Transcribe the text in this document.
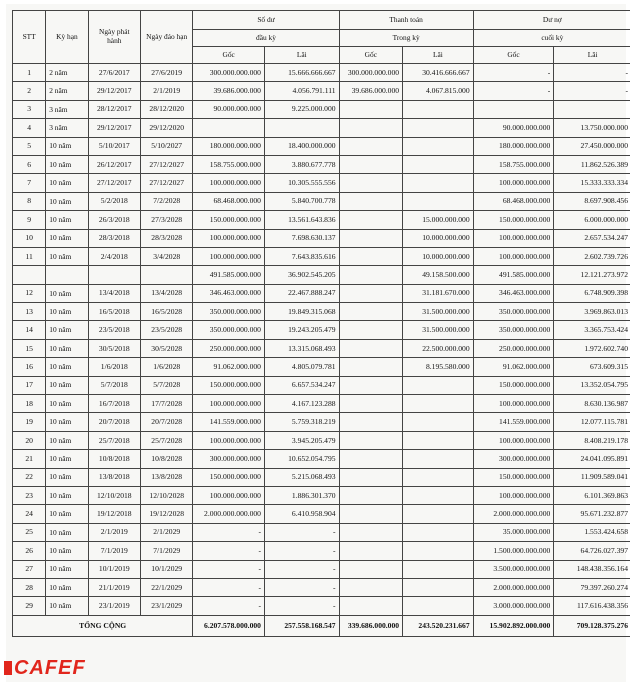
STT	Kỳ hạn	Ngày phát hành	Ngày đáo hạn	Số dư		Thanh toán		Dư nợ	
				đầu kỳ		Trong kỳ		cuối kỳ	
				Gốc	Lãi	Gốc	Lãi	Gốc	Lãi
1	2 năm	27/6/2017	27/6/2019	300.000.000.000	15.666.666.667	300.000.000.000	30.416.666.667	-	-
2	2 năm	29/12/2017	2/1/2019	39.686.000.000	4.056.791.111	39.686.000.000	4.067.815.000	-	-
3	3 năm	28/12/2017	28/12/2020	90.000.000.000	9.225.000.000				
4	3 năm	29/12/2017	29/12/2020					90.000.000.000	13.750.000.000
5	10 năm	5/10/2017	5/10/2027	180.000.000.000	18.400.000.000			180.000.000.000	27.450.000.000
6	10 năm	26/12/2017	27/12/2027	158.755.000.000	3.880.677.778			158.755.000.000	11.862.526.389
7	10 năm	27/12/2017	27/12/2027	100.000.000.000	10.305.555.556			100.000.000.000	15.333.333.334
8	10 năm	5/2/2018	7/2/2028	68.468.000.000	5.840.700.778			68.468.000.000	8.697.908.456
9	10 năm	26/3/2018	27/3/2028	150.000.000.000	13.561.643.836		15.000.000.000	150.000.000.000	6.000.000.000
10	10 năm	28/3/2018	28/3/2028	100.000.000.000	7.698.630.137		10.000.000.000	100.000.000.000	2.657.534.247
11	10 năm	2/4/2018	3/4/2028	100.000.000.000	7.643.835.616		10.000.000.000	100.000.000.000	2.602.739.726
				491.585.000.000	36.902.545.205		49.158.500.000	491.585.000.000	12.121.273.972
12	10 năm	13/4/2018	13/4/2028	346.463.000.000	22.467.888.247		31.181.670.000	346.463.000.000	6.748.909.398
13	10 năm	16/5/2018	16/5/2028	350.000.000.000	19.849.315.068		31.500.000.000	350.000.000.000	3.969.863.013
14	10 năm	23/5/2018	23/5/2028	350.000.000.000	19.243.205.479		31.500.000.000	350.000.000.000	3.365.753.424
15	10 năm	30/5/2018	30/5/2028	250.000.000.000	13.315.068.493		22.500.000.000	250.000.000.000	1.972.602.740
16	10 năm	1/6/2018	1/6/2028	91.062.000.000	4.805.079.781		8.195.580.000	91.062.000.000	673.609.315
17	10 năm	5/7/2018	5/7/2028	150.000.000.000	6.657.534.247			150.000.000.000	13.352.054.795
18	10 năm	16/7/2018	17/7/2028	100.000.000.000	4.167.123.288			100.000.000.000	8.630.136.987
19	10 năm	20/7/2018	20/7/2028	141.559.000.000	5.759.318.219			141.559.000.000	12.077.115.781
20	10 năm	25/7/2018	25/7/2028	100.000.000.000	3.945.205.479			100.000.000.000	8.408.219.178
21	10 năm	10/8/2018	10/8/2028	300.000.000.000	10.652.054.795			300.000.000.000	24.041.095.891
22	10 năm	13/8/2018	13/8/2028	150.000.000.000	5.215.068.493			150.000.000.000	11.909.589.041
23	10 năm	12/10/2018	12/10/2028	100.000.000.000	1.886.301.370			100.000.000.000	6.101.369.863
24	10 năm	19/12/2018	19/12/2028	2.000.000.000.000	6.410.958.904			2.000.000.000.000	95.671.232.877
25	10 năm	2/1/2019	2/1/2029	-	-			35.000.000.000	1.553.424.658
26	10 năm	7/1/2019	7/1/2029	-	-			1.500.000.000.000	64.726.027.397
27	10 năm	10/1/2019	10/1/2029	-	-			3.500.000.000.000	148.438.356.164
28	10 năm	21/1/2019	22/1/2029	-	-			2.000.000.000.000	79.397.260.274
29	10 năm	23/1/2019	23/1/2029	-	-			3.000.000.000.000	117.616.438.356
TỔNG CỘNG				6.207.578.000.000	257.558.168.547	339.686.000.000	243.520.231.667	15.902.892.000.000	709.128.375.276
CAFEF
